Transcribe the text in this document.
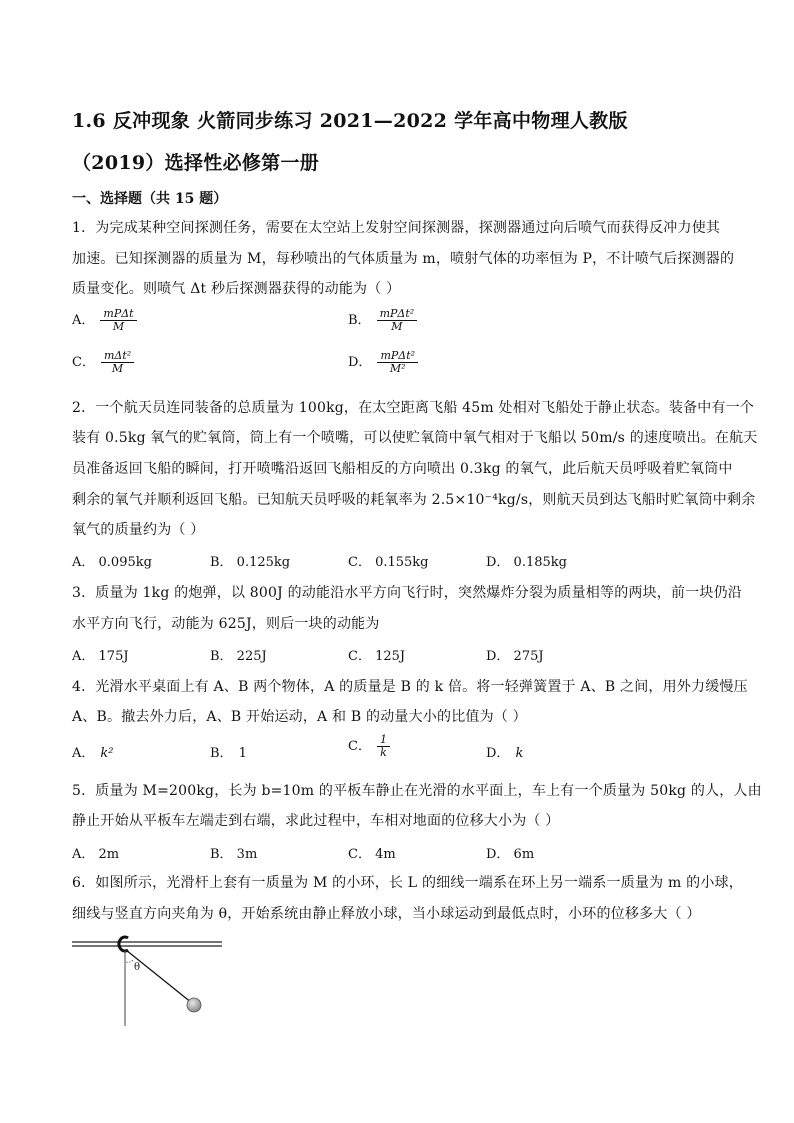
1.6 反冲现象 火箭同步练习 2021—2022 学年高中物理人教版
（2019）选择性必修第一册
一、选择题（共 15 题）
1．为完成某种空间探测任务，需要在太空站上发射空间探测器，探测器通过向后喷气而获得反冲力使其
加速。已知探测器的质量为 M，每秒喷出的气体质量为 m，喷射气体的功率恒为 P，不计喷气后探测器的
质量变化。则喷气 Δt 秒后探测器获得的动能为（ ）
A． $\frac{\text{mPΔt}}{M}$	B． $\frac{\text{mPΔt²}}{M}$
C． $\frac{\text{mΔt²}}{M}$	D． $\frac{\text{mPΔt²}}{\text{M²}}$
2．一个航天员连同装备的总质量为 100kg，在太空距离飞船 45m 处相对飞船处于静止状态。装备中有一个
装有 0.5kg 氧气的贮氧筒，筒上有一个喷嘴，可以使贮氧筒中氧气相对于飞船以 50m/s 的速度喷出。在航天
员准备返回飞船的瞬间，打开喷嘴沿返回飞船相反的方向喷出 0.3kg 的氧气，此后航天员呼吸着贮氧筒中
剩余的氧气并顺利返回飞船。已知航天员呼吸的耗氧率为 2.5×10⁻⁴kg/s，则航天员到达飞船时贮氧筒中剩余
氧气的质量约为（ ）
A． 0.095kg	B． 0.125kg	C． 0.155kg	D． 0.185kg
3．质量为 1kg 的炮弹，以 800J 的动能沿水平方向飞行时，突然爆炸分裂为质量相等的两块，前一块仍沿
水平方向飞行，动能为 625J，则后一块的动能为
A． 175J	B． 225J	C． 125J	D． 275J
4．光滑水平桌面上有 A、B 两个物体，A 的质量是 B 的 k 倍。将一轻弹簧置于 A、B 之间，用外力缓慢压
A、B。撤去外力后，A、B 开始运动，A 和 B 的动量大小的比值为（ ）
A． k²	B． 1	C． $\frac{1}{k}$	D． k
5．质量为 M=200kg，长为 b=10m 的平板车静止在光滑的水平面上，车上有一个质量为 50kg 的人，人由
静止开始从平板车左端走到右端，求此过程中，车相对地面的位移大小为（ ）
A． 2m	B． 3m	C． 4m	D． 6m
6．如图所示，光滑杆上套有一质量为 M 的小环，长 L 的细线一端系在环上另一端系一质量为 m 的小球，
细线与竖直方向夹角为 θ，开始系统由静止释放小球，当小球运动到最低点时，小环的位移多大（ ）
θ
